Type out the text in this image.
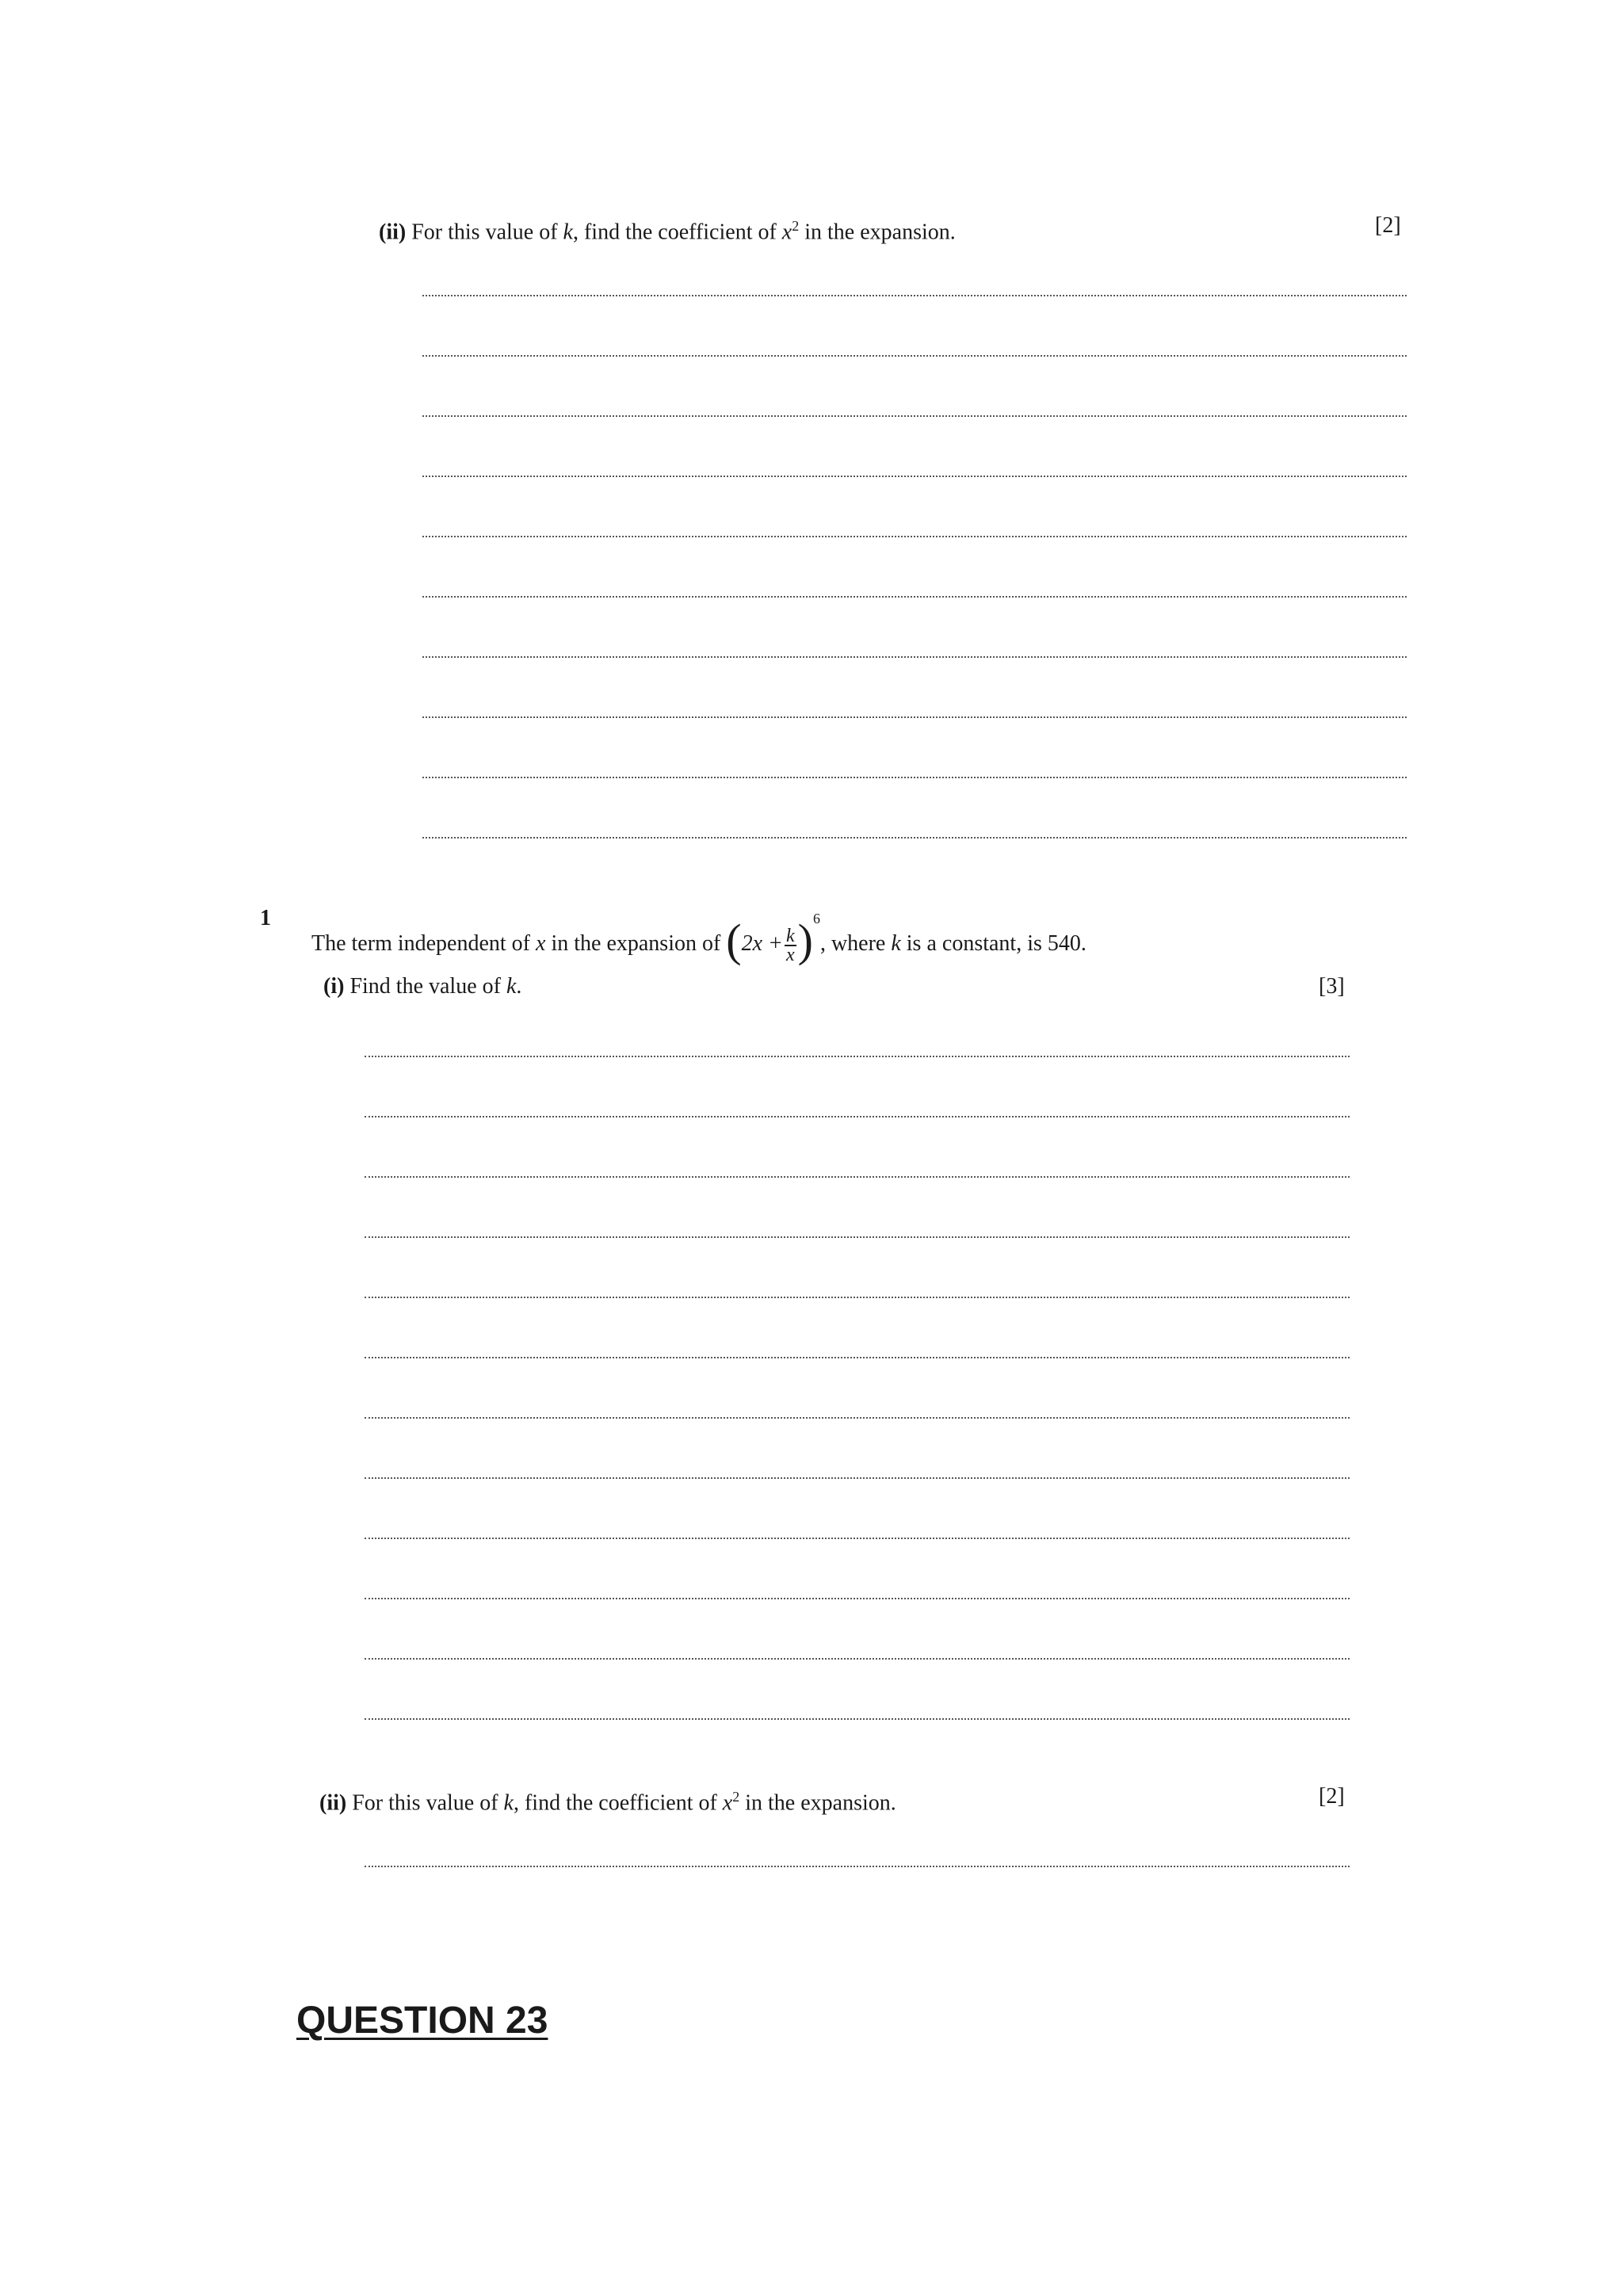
(ii) For this value of k, find the coefficient of $x^2$ in the expansion.	[2]
1
The term independent of x in the expansion of $(2x + \frac{k}{x} )^6$, where k is a constant, is 540.
(i) Find the value of k.	[3]
(ii) For this value of k, find the coefficient of $x^2$ in the expansion.	[2]
QUESTION 23
